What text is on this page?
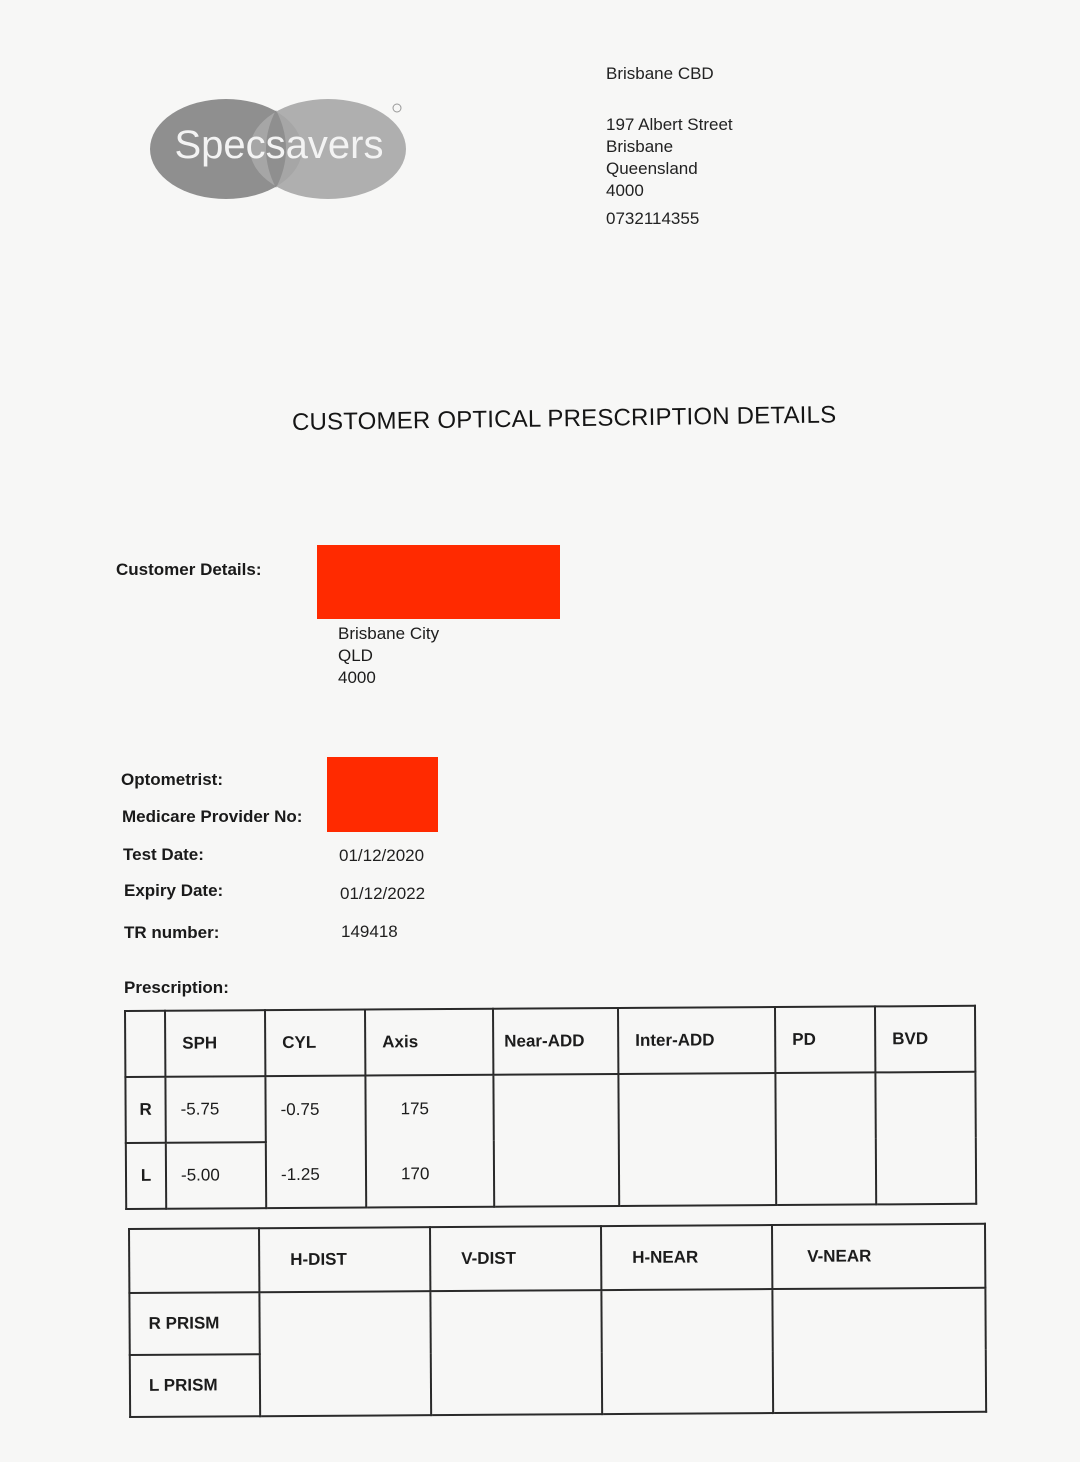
Specsavers
Brisbane CBD
197 Albert Street
Brisbane
Queensland
4000
0732114355
CUSTOMER OPTICAL PRESCRIPTION DETAILS
Customer Details:
Brisbane City
QLD
4000
Optometrist:
Medicare Provider No:
Test Date:	01/12/2020
Expiry Date:	01/12/2022
TR number:	149418
Prescription:
	SPH	CYL	Axis	Near-ADD	Inter-ADD	PD	BVD
R	-5.75	-0.75	175				
L	-5.00	-1.25	170				
	H-DIST	V-DIST	H-NEAR	V-NEAR
R PRISM				
L PRISM				
